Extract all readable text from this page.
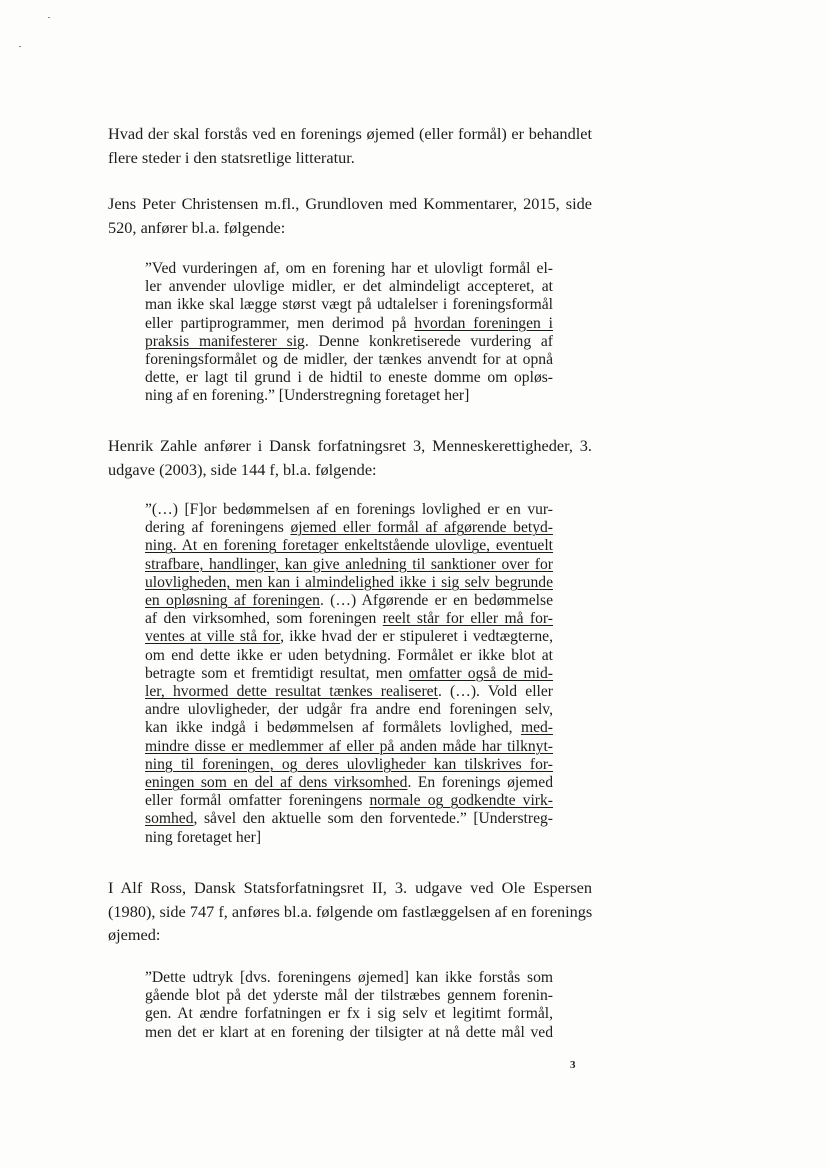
Hvad der skal forstås ved en forenings øjemed (eller formål) er behandlet
flere steder i den statsretlige litteratur.

Jens Peter Christensen m.fl., Grundloven med Kommentarer, 2015, side
520, anfører bl.a. følgende:

”Ved vurderingen af, om en forening har et ulovligt formål el-
ler anvender ulovlige midler, er det almindeligt accepteret, at
man ikke skal lægge størst vægt på udtalelser i foreningsformål
eller partiprogrammer, men derimod på hvordan foreningen i
praksis manifesterer sig. Denne konkretiserede vurdering af
foreningsformålet og de midler, der tænkes anvendt for at opnå
dette, er lagt til grund i de hidtil to eneste domme om opløs-
ning af en forening.” [Understregning foretaget her]

Henrik Zahle anfører i Dansk forfatningsret 3, Menneskerettigheder, 3.
udgave (2003), side 144 f, bl.a. følgende:

”(…) [F]or bedømmelsen af en forenings lovlighed er en vur-
dering af foreningens øjemed eller formål af afgørende betyd-
ning. At en forening foretager enkeltstående ulovlige, eventuelt
strafbare, handlinger, kan give anledning til sanktioner over for
ulovligheden, men kan i almindelighed ikke i sig selv begrunde
en opløsning af foreningen. (…) Afgørende er en bedømmelse
af den virksomhed, som foreningen reelt står for eller må for-
ventes at ville stå for, ikke hvad der er stipuleret i vedtægterne,
om end dette ikke er uden betydning. Formålet er ikke blot at
betragte som et fremtidigt resultat, men omfatter også de mid-
ler, hvormed dette resultat tænkes realiseret. (…). Vold eller
andre ulovligheder, der udgår fra andre end foreningen selv,
kan ikke indgå i bedømmelsen af formålets lovlighed, med-
mindre disse er medlemmer af eller på anden måde har tilknyt-
ning til foreningen, og deres ulovligheder kan tilskrives for-
eningen som en del af dens virksomhed. En forenings øjemed
eller formål omfatter foreningens normale og godkendte virk-
somhed, såvel den aktuelle som den forventede.” [Understreg-
ning foretaget her]

I Alf Ross, Dansk Statsforfatningsret II, 3. udgave ved Ole Espersen
(1980), side 747 f, anføres bl.a. følgende om fastlæggelsen af en forenings
øjemed:

”Dette udtryk [dvs. foreningens øjemed] kan ikke forstås som
gående blot på det yderste mål der tilstræbes gennem forenin-
gen. At ændre forfatningen er fx i sig selv et legitimt formål,
men det er klart at en forening der tilsigter at nå dette mål ved

3
